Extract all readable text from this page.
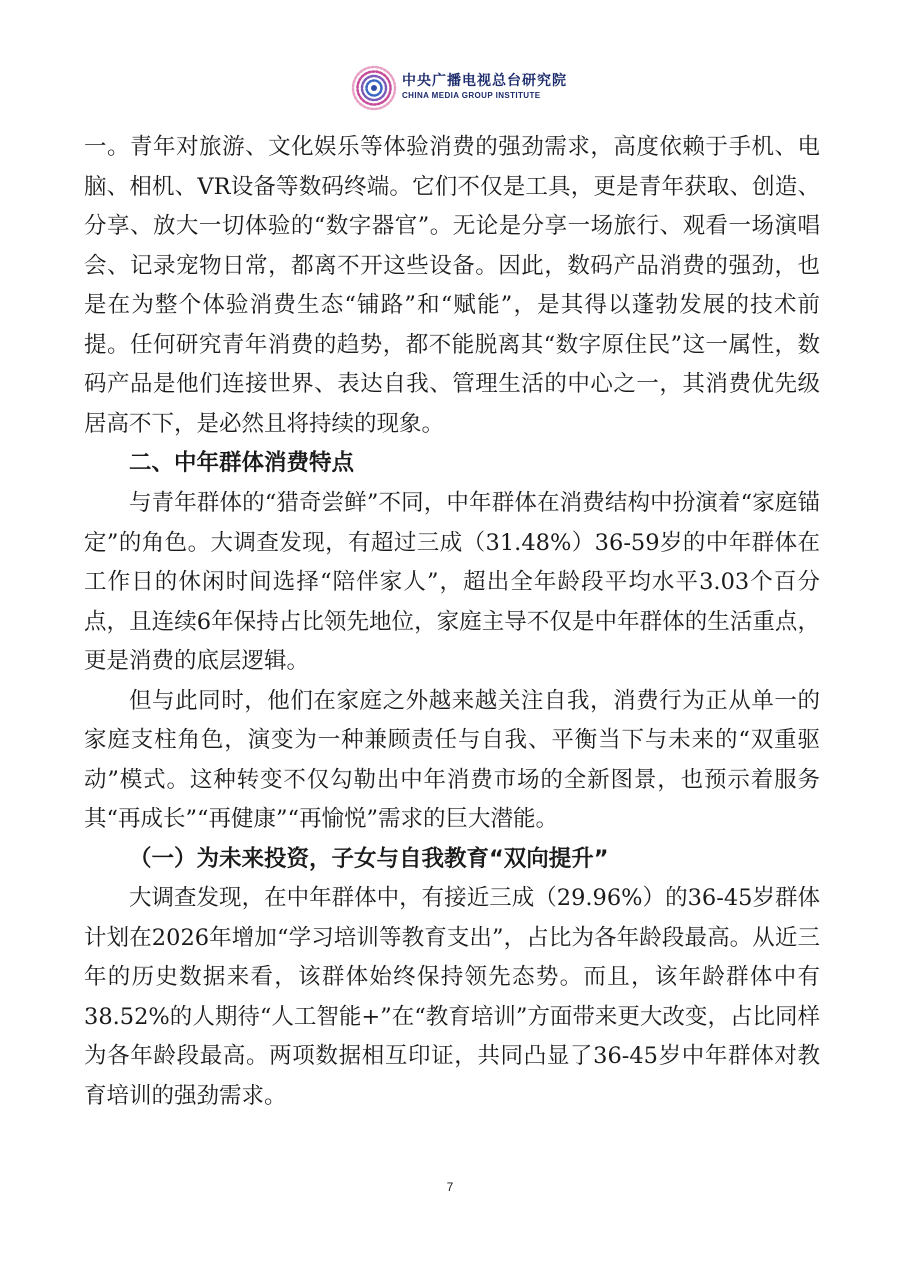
中央广播电视总台研究院
CHINA MEDIA GROUP INSTITUTE

一。青年对旅游、文化娱乐等体验消费的强劲需求，高度依赖于手机、电脑、相机、VR设备等数码终端。它们不仅是工具，更是青年获取、创造、分享、放大一切体验的“数字器官”。无论是分享一场旅行、观看一场演唱会、记录宠物日常，都离不开这些设备。因此，数码产品消费的强劲，也是在为整个体验消费生态“铺路”和“赋能”，是其得以蓬勃发展的技术前提。任何研究青年消费的趋势，都不能脱离其“数字原住民”这一属性，数码产品是他们连接世界、表达自我、管理生活的中心之一，其消费优先级居高不下，是必然且将持续的现象。

二、中年群体消费特点

与青年群体的“猎奇尝鲜”不同，中年群体在消费结构中扮演着“家庭锚定”的角色。大调查发现，有超过三成（31.48%）36-59岁的中年群体在工作日的休闲时间选择“陪伴家人”，超出全年龄段平均水平3.03个百分点，且连续6年保持占比领先地位，家庭主导不仅是中年群体的生活重点，更是消费的底层逻辑。

但与此同时，他们在家庭之外越来越关注自我，消费行为正从单一的家庭支柱角色，演变为一种兼顾责任与自我、平衡当下与未来的“双重驱动”模式。这种转变不仅勾勒出中年消费市场的全新图景，也预示着服务其“再成长”“再健康”“再愉悦”需求的巨大潜能。

（一）为未来投资，子女与自我教育“双向提升”

大调查发现，在中年群体中，有接近三成（29.96%）的36-45岁群体计划在2026年增加“学习培训等教育支出”，占比为各年龄段最高。从近三年的历史数据来看，该群体始终保持领先态势。而且，该年龄群体中有38.52%的人期待“人工智能+”在“教育培训”方面带来更大改变，占比同样为各年龄段最高。两项数据相互印证，共同凸显了36-45岁中年群体对教育培训的强劲需求。

7
